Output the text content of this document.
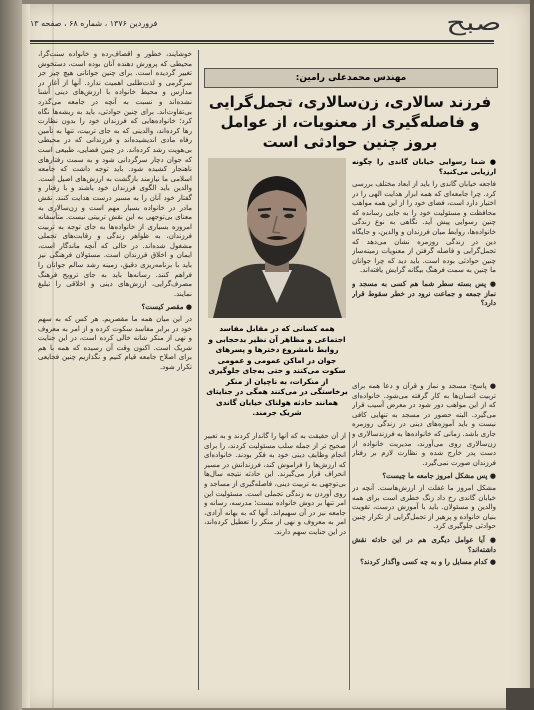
فروردین ۱۳۷۶ ، شماره ۶۸ ، صفحه ۱۳	صبح
مهندس محمدعلی رامین:
فرزند سالاری، زن‌سالاری، تجمل‌گرایی و فاصله‌گیری از معنویات، از عوامل بروز چنین حوادثی است
● شما رسوایی خیابان گاندی را چگونه ارزیابی می‌کنید؟

فاجعه خیابان گاندی را باید از ابعاد مختلف بررسی کرد. چرا جامعه‌ای که همه ابزار هدایت الهی را در اختیار دارد است، فضای خود را از این همه مواهب محافظت و مسئولیت خود را به جایی رسانده که چنین رسوایی پیش آید. نگاهی به نوع زندگی خانواده‌ها، روابط میان فرزندان و والدین، و جایگاه دین در زندگی روزمره نشان می‌دهد که تجمل‌گرایی و فاصله گرفتن از معنویات زمینه‌ساز چنین حوادثی بوده است. باید دید که چرا جوانان ما چنین به سمت فرهنگ بیگانه گرایش یافته‌اند.

● پس بسته سطر شما هم کسی به مسجد و نماز جمعه و جماعت نرود در خطر سقوط قرار دارد؟

همه کسانی که در مقابل مفاسد اجتماعی و مظاهر آن نظیر بدحجابی و روابط نامشروع دخترها و پسرهای جوان در اماکن عمومی و عمومی سکوت می‌کنند و حتی به‌جای جلوگیری از منکرات، به ناچیان از منکر برخاستگی در می‌کنند همگی در جنایتای همانند حادثه هولناک خیابان گاندی شریک جرمند.

● پاسخ: مسجد و نماز و قرآن و دعا همه برای تربیت انسان‌ها به کار گرفته می‌شود. خانواده‌ای که از این مواهب دور شود در معرض آسیب قرار می‌گیرد. البته حضور در مسجد به تنهایی کافی نیست و باید آموزه‌های دینی در زندگی روزمره جاری باشد. زمانی که خانواده‌ها به فرزندسالاری و زن‌سالاری روی می‌آورند، مدیریت خانواده از دست پدر خارج شده و نظارت لازم بر رفتار فرزندان صورت نمی‌گیرد.

● پس مشکل امروز جامعه ما چیست؟

مشکل امروز ما غفلت از ارزش‌هاست. آنچه در خیابان گاندی رخ داد زنگ خطری است برای همه والدین و مسئولان. باید با آموزش درست، تقویت بنیان خانواده و پرهیز از تجمل‌گرایی از تکرار چنین حوادثی جلوگیری کرد.

● آیا عوامل دیگری هم در این حادثه نقش داشته‌اند؟

● کدام مسایل را و به چه کسی واگذار کردند؟

از آن حقیقت به که آنها را گاندار کردند و به تعبیر صحیح تر از جمله سلب مسئولیت کردند، را برای انجام وظایف دینی خود به فکر بودند. خانواده‌ای که ارزش‌ها را فراموش کند، فرزندانش در مسیر انحراف قرار می‌گیرند. این حادثه نتیجه سال‌ها بی‌توجهی به تربیت دینی، فاصله‌گیری از مساجد و روی آوردن به زندگی تجملی است. مسئولیت این امر تنها بر دوش خانواده نیست؛ مدرسه، رسانه و جامعه نیز در آن سهیم‌اند. آنها که به بهانه آزادی، امر به معروف و نهی از منکر را تعطیل کرده‌اند، در این جنایت سهم دارند.

خوشایند، خطور و اقصاف‌رده و خانواده سنت‌گرا، محیطی که پرورش دهنده آنان بوده است، دستخوش تغییر گردیده است. برای چنین جوانانی هیچ چیز جز سرگرمی و لذت‌طلبی اهمیت ندارد. آنها از آغاز در مدارس و محیط خانواده با ارزش‌های دینی آشنا نشده‌اند و نسبت به آنچه در جامعه می‌گذرد بی‌تفاوت‌اند. برای چنین حوادثی، باید به ریشه‌ها نگاه کرد؛ خانواده‌هایی که فرزندان خود را بدون نظارت رها کرده‌اند، والدینی که به جای تربیت، تنها به تأمین رفاه مادی اندیشیده‌اند و فرزندانی که در محیطی بی‌هویت رشد کرده‌اند. در چنین فضایی، طبیعی است که جوان دچار سرگردانی شود و به سمت رفتارهای ناهنجار کشیده شود. باید توجه داشت که جامعه اسلامی ما نیازمند بازگشت به ارزش‌های اصیل است. والدین باید الگوی فرزندان خود باشند و با رفتار و گفتار خود آنان را به مسیر درست هدایت کنند. نقش مادر در خانواده بسیار مهم است و زن‌سالاری به معنای بی‌توجهی به این نقش تربیتی نیست. متأسفانه امروزه بسیاری از خانواده‌ها به جای توجه به تربیت فرزندان، به ظواهر زندگی و رقابت‌های تجملی مشغول شده‌اند. در حالی که آنچه ماندگار است، ایمان و اخلاق فرزندان است. مسئولان فرهنگی نیز باید با برنامه‌ریزی دقیق، زمینه رشد سالم جوانان را فراهم کنند. رسانه‌ها باید به جای ترویج فرهنگ مصرف‌گرایی، ارزش‌های دینی و اخلاقی را تبلیغ نمایند.

● مقصر کیست؟

در این میان همه ما مقصریم. هر کس که به سهم خود در برابر مفاسد سکوت کرده و از امر به معروف و نهی از منکر شانه خالی کرده است، در این جنایت شریک است. اکنون وقت آن رسیده که همه با هم برای اصلاح جامعه قیام کنیم و نگذاریم چنین فجایعی تکرار شود.
